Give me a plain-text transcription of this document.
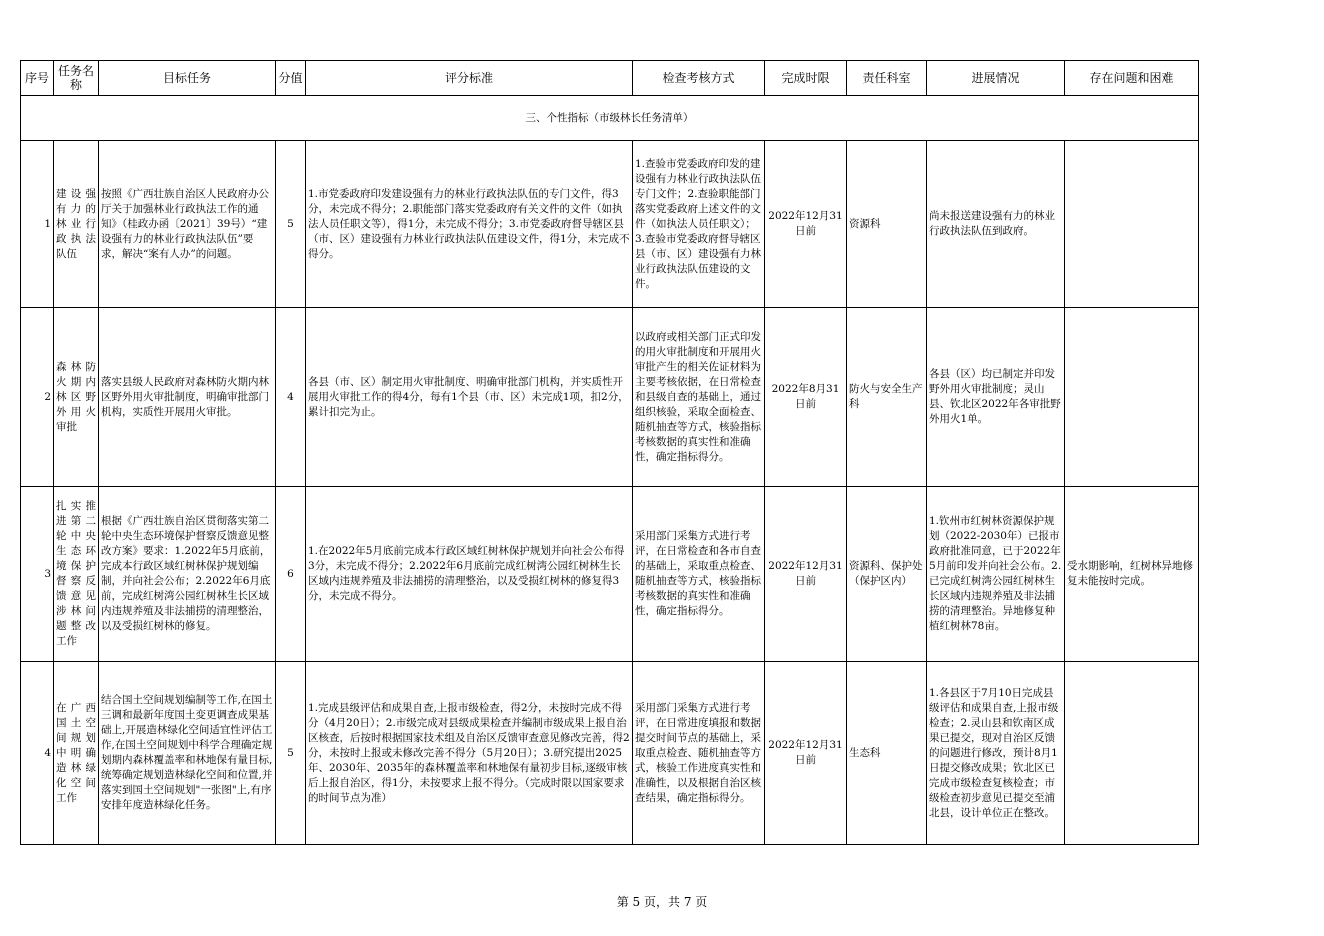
序号	任务名称	目标任务	分值	评分标准	检查考核方式	完成时限	责任科室	进展情况	存在问题和困难
三、个性指标（市级林长任务清单）									
1	建设强有力的林业行政执法队伍	按照《广西壮族自治区人民政府办公厅关于加强林业行政执法工作的通知》（桂政办函〔2021〕39号）“建设强有力的林业行政执法队伍”要求，解决“案有人办”的问题。	5	1.市党委政府印发建设强有力的林业行政执法队伍的专门文件，得3分，未完成不得分；2.职能部门落实党委政府有关文件的文件（如执法人员任职文等），得1分，未完成不得分；3.市党委政府督导辖区县（市、区）建设强有力林业行政执法队伍建设文件，得1分，未完成不得分。	1.查验市党委政府印发的建设强有力林业行政执法队伍专门文件；2.查验职能部门落实党委政府上述文件的文件（如执法人员任职文）；3.查验市党委政府督导辖区县（市、区）建设强有力林业行政执法队伍建设的文件。	2022年12月31日前	资源科	尚未报送建设强有力的林业行政执法队伍到政府。	
2	森林防火期内林区野外用火审批	落实县级人民政府对森林防火期内林区野外用火审批制度，明确审批部门机构，实质性开展用火审批。	4	各县（市、区）制定用火审批制度、明确审批部门机构，并实质性开展用火审批工作的得4分，每有1个县（市、区）未完成1项，扣2分，累计扣完为止。	以政府或相关部门正式印发的用火审批制度和开展用火审批产生的相关佐证材料为主要考核依据，在日常检查和县级自查的基础上，通过组织核验，采取全面检查、随机抽查等方式，核验指标考核数据的真实性和准确性，确定指标得分。	2022年8月31日前	防火与安全生产科	各县（区）均已制定并印发野外用火审批制度；灵山县、钦北区2022年各审批野外用火1单。	
3	扎实推进第二轮中央生态环境保护督察反馈意见涉林问题整改工作	根据《广西壮族自治区贯彻落实第二轮中央生态环境保护督察反馈意见整改方案》要求：1.2022年5月底前，完成本行政区域红树林保护规划编制，并向社会公布；2.2022年6月底前，完成红树湾公园红树林生长区域内违规养殖及非法捕捞的清理整治，以及受损红树林的修复。	6	1.在2022年5月底前完成本行政区域红树林保护规划并向社会公布得3分，未完成不得分；2.2022年6月底前完成红树湾公园红树林生长区域内违规养殖及非法捕捞的清理整治，以及受损红树林的修复得3分，未完成不得分。	采用部门采集方式进行考评，在日常检查和各市自查的基础上，采取重点检查、随机抽查等方式，核验指标考核数据的真实性和准确性，确定指标得分。	2022年12月31日前	资源科、保护处（保护区内）	1.钦州市红树林资源保护规划（2022-2030年）已报市政府批准同意，已于2022年5月前印发并向社会公布。2.已完成红树湾公园红树林生长区域内违规养殖及非法捕捞的清理整治。异地修复种植红树林78亩。	受水期影响，红树林异地修复未能按时完成。
4	在广西国土空间规划中明确造林绿化空间工作	结合国土空间规划编制等工作,在国土三调和最新年度国土变更调查成果基础上,开展造林绿化空间适宜性评估工作,在国土空间规划中科学合理确定规划期内森林覆盖率和林地保有量目标,统筹确定规划造林绿化空间和位置,并落实到国土空间规划"一张图"上,有序安排年度造林绿化任务。	5	1.完成县级评估和成果自查,上报市级检查，得2分，未按时完成不得分（4月20日）；2.市级完成对县级成果检查并编制市级成果上报自治区核查，后按时根据国家技术组及自治区反馈审查意见修改完善，得2分，未按时上报或未修改完善不得分（5月20日）；3.研究提出2025年、2030年、2035年的森林覆盖率和林地保有量初步目标,逐级审核后上报自治区，得1分，未按要求上报不得分。（完成时限以国家要求的时间节点为准）	采用部门采集方式进行考评，在日常进度填报和数据提交时间节点的基础上，采取重点检查、随机抽查等方式，核验工作进度真实性和准确性，以及根据自治区核查结果，确定指标得分。	2022年12月31日前	生态科	1.各县区于7月10日完成县级评估和成果自查,上报市级检查；2.灵山县和钦南区成果已提交，现对自治区反馈的问题进行修改，预计8月1日提交修改成果；钦北区已完成市级检查复核检查；市级检查初步意见已提交至浦北县，设计单位正在整改。	
第 5 页，共 7 页
